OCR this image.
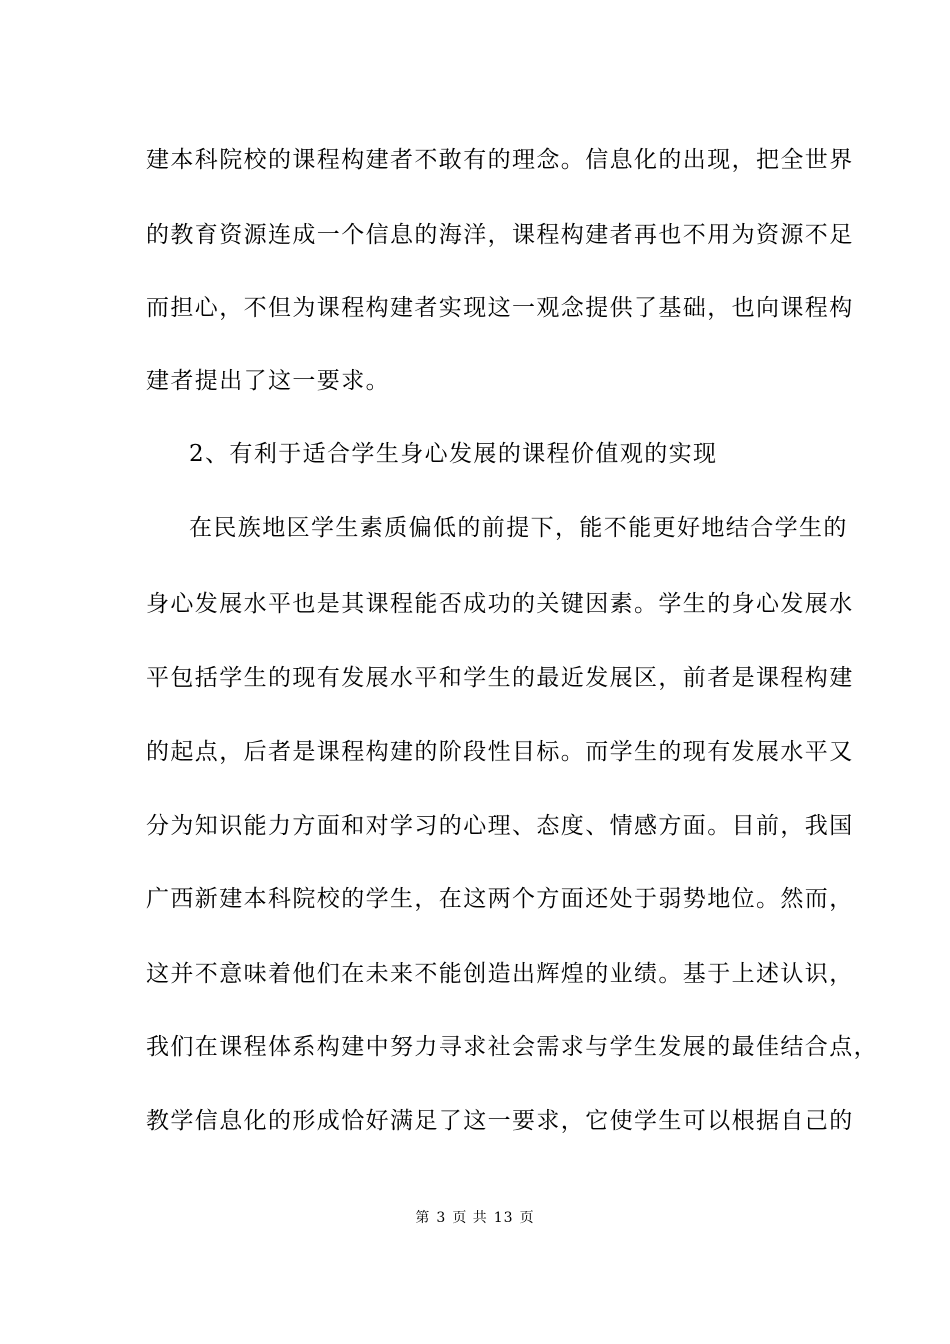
建本科院校的课程构建者不敢有的理念。信息化的出现，把全世界
的教育资源连成一个信息的海洋，课程构建者再也不用为资源不足
而担心，不但为课程构建者实现这一观念提供了基础，也向课程构
建者提出了这一要求。
2、有利于适合学生身心发展的课程价值观的实现
在民族地区学生素质偏低的前提下，能不能更好地结合学生的
身心发展水平也是其课程能否成功的关键因素。学生的身心发展水
平包括学生的现有发展水平和学生的最近发展区，前者是课程构建
的起点，后者是课程构建的阶段性目标。而学生的现有发展水平又
分为知识能力方面和对学习的心理、态度、情感方面。目前，我国
广西新建本科院校的学生，在这两个方面还处于弱势地位。然而，
这并不意味着他们在未来不能创造出辉煌的业绩。基于上述认识，
我们在课程体系构建中努力寻求社会需求与学生发展的最佳结合点，
教学信息化的形成恰好满足了这一要求，它使学生可以根据自己的
第 3 页 共 13 页
